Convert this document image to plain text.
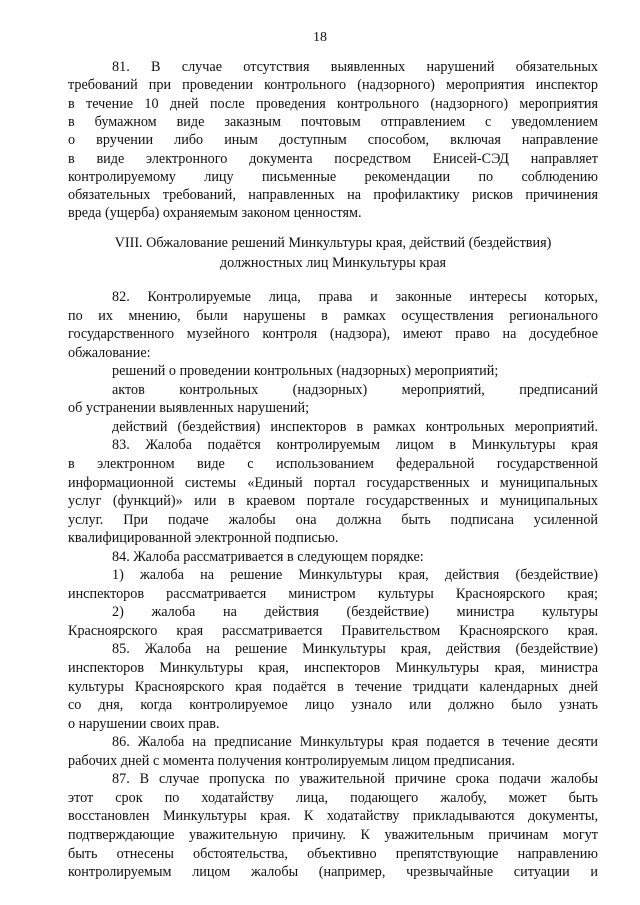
18
81. В случае отсутствия выявленных нарушений обязательных
требований при проведении контрольного (надзорного) мероприятия инспектор
в течение 10 дней после проведения контрольного (надзорного) мероприятия
в бумажном виде заказным почтовым отправлением с уведомлением
о вручении либо иным доступным способом, включая направление
в виде электронного документа посредством Енисей-СЭД направляет
контролируемому лицу письменные рекомендации по соблюдению
обязательных требований, направленных на профилактику рисков причинения
вреда (ущерба) охраняемым законом ценностям.
VIII. Обжалование решений Минкультуры края, действий (бездействия)
должностных лиц Минкультуры края
82. Контролируемые лица, права и законные интересы которых,
по их мнению, были нарушены в рамках осуществления регионального
государственного музейного контроля (надзора), имеют право на досудебное
обжалование:
решений о проведении контрольных (надзорных) мероприятий;
актов контрольных (надзорных) мероприятий, предписаний
об устранении выявленных нарушений;
действий (бездействия) инспекторов в рамках контрольных мероприятий.
83. Жалоба подаётся контролируемым лицом в Минкультуры края
в электронном виде с использованием федеральной государственной
информационной системы «Единый портал государственных и муниципальных
услуг (функций)» или в краевом портале государственных и муниципальных
услуг. При подаче жалобы она должна быть подписана усиленной
квалифицированной электронной подписью.
84. Жалоба рассматривается в следующем порядке:
1) жалоба на решение Минкультуры края, действия (бездействие)
инспекторов рассматривается министром культуры Красноярского края;
2) жалоба на действия (бездействие) министра культуры
Красноярского края рассматривается Правительством Красноярского края.
85. Жалоба на решение Минкультуры края, действия (бездействие)
инспекторов Минкультуры края, инспекторов Минкультуры края, министра
культуры Красноярского края подаётся в течение тридцати календарных дней
со дня, когда контролируемое лицо узнало или должно было узнать
о нарушении своих прав.
86. Жалоба на предписание Минкультуры края подается в течение десяти
рабочих дней с момента получения контролируемым лицом предписания.
87. В случае пропуска по уважительной причине срока подачи жалобы
этот срок по ходатайству лица, подающего жалобу, может быть
восстановлен Минкультуры края. К ходатайству прикладываются документы,
подтверждающие уважительную причину. К уважительным причинам могут
быть отнесены обстоятельства, объективно препятствующие направлению
контролируемым лицом жалобы (например, чрезвычайные ситуации и
